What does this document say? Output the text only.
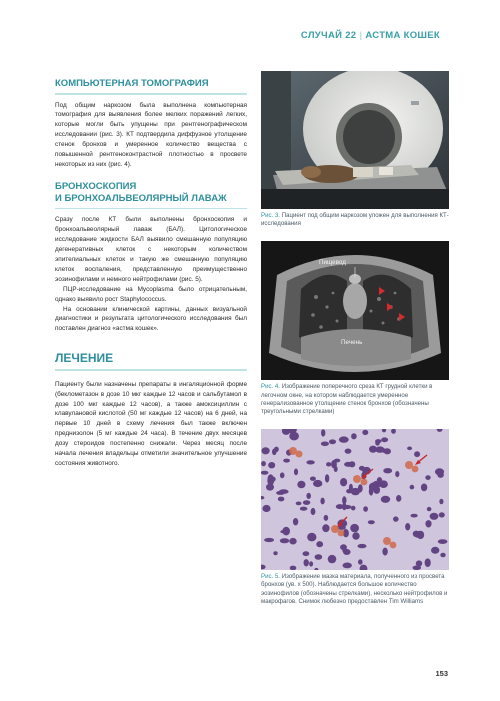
СЛУЧАЙ 22 | АСТМА КОШЕК
КОМПЬЮТЕРНАЯ ТОМОГРАФИЯ

Под общим наркозом была выполнена компьютерная томография для выявления более мелких поражений легких, которые могли быть упущены при рентгенографическом исследовании (рис. 3). КТ подтвердила диффузное утолщение стенок бронхов и умеренное количество вещества с повышенной рентгеноконтрастной плотностью в просвете некоторых из них (рис. 4).

БРОНХОСКОПИЯ
И БРОНХОАЛЬВЕОЛЯРНЫЙ ЛАВАЖ

Сразу после КТ были выполнены бронхоскопия и бронхоальвеолярный лаваж (БАЛ). Цитологическое исследование жидкости БАЛ выявило смешанную популяцию дегенеративных клеток с некоторым количеством эпителиальных клеток и такую же смешанную популяцию клеток воспаления, представленную преимущественно эозинофилами и немного нейтрофилами (рис. 5).

ПЦР-исследование на Mycoplasma было отрицательным, однако выявило рост Staphylococcus.

На основании клинической картины, данных визуальной диагностики и результата цитологического исследования был поставлен диагноз «астма кошек».

ЛЕЧЕНИЕ

Пациенту были назначены препараты в ингаляционной форме (беклометазон в дозе 10 мкг каждые 12 часов и сальбутамол в дозе 100 мкг каждые 12 часов), а также амоксициллин с клавулановой кислотой (50 мг каждые 12 часов) на 6 дней, на первые 10 дней в схему лечения был также включен преднизолон (5 мг каждые 24 часа). В течение двух месяцев дозу стероидов постепенно снижали. Через месяц после начала лечения владельцы отметили значительное улучшение состояния животного.

Рис. 3. Пациент под общим наркозом уложен для выполнения КТ-исследования

Пищевод
Печень

Рис. 4. Изображение поперечного среза КТ грудной клетки в легочном окне, на котором наблюдается умеренное генерализованное утолщение стенок бронхов (обозначены треугольными стрелками)

Рис. 5. Изображение мазка материала, полученного из просвета бронхов (ув. х 500). Наблюдается большое количество эозинофилов (обозначены стрелками), несколько нейтрофилов и макрофагов. Снимок любезно предоставлен Tim Williams

153
